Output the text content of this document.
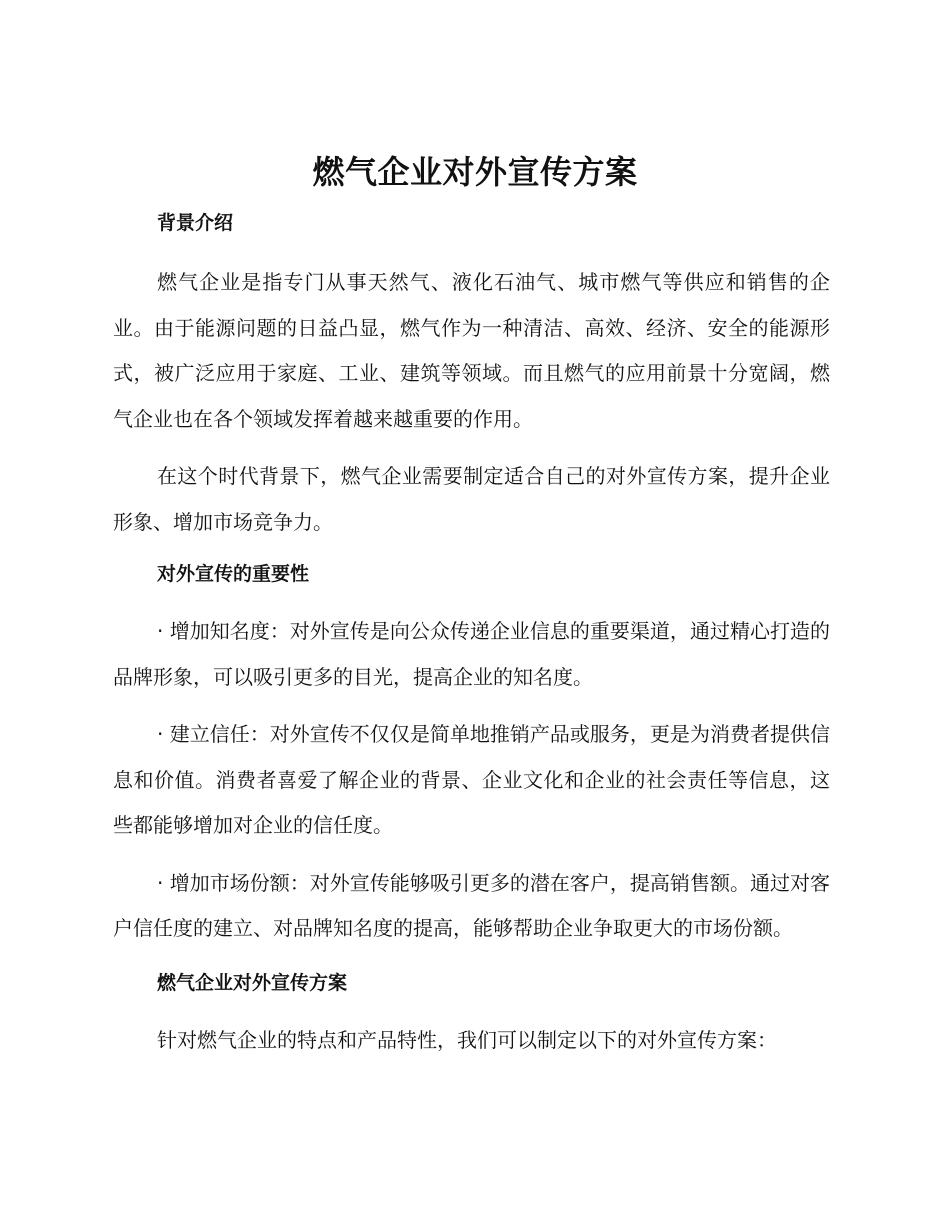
燃气企业对外宣传方案
背景介绍

燃气企业是指专门从事天然气、液化石油气、城市燃气等供应和销售的企业。由于能源问题的日益凸显，燃气作为一种清洁、高效、经济、安全的能源形式，被广泛应用于家庭、工业、建筑等领域。而且燃气的应用前景十分宽阔，燃气企业也在各个领域发挥着越来越重要的作用。

在这个时代背景下，燃气企业需要制定适合自己的对外宣传方案，提升企业形象、增加市场竞争力。

对外宣传的重要性

· 增加知名度：对外宣传是向公众传递企业信息的重要渠道，通过精心打造的品牌形象，可以吸引更多的目光，提高企业的知名度。

· 建立信任：对外宣传不仅仅是简单地推销产品或服务，更是为消费者提供信息和价值。消费者喜爱了解企业的背景、企业文化和企业的社会责任等信息，这些都能够增加对企业的信任度。

· 增加市场份额：对外宣传能够吸引更多的潜在客户，提高销售额。通过对客户信任度的建立、对品牌知名度的提高，能够帮助企业争取更大的市场份额。

燃气企业对外宣传方案

针对燃气企业的特点和产品特性，我们可以制定以下的对外宣传方案：
